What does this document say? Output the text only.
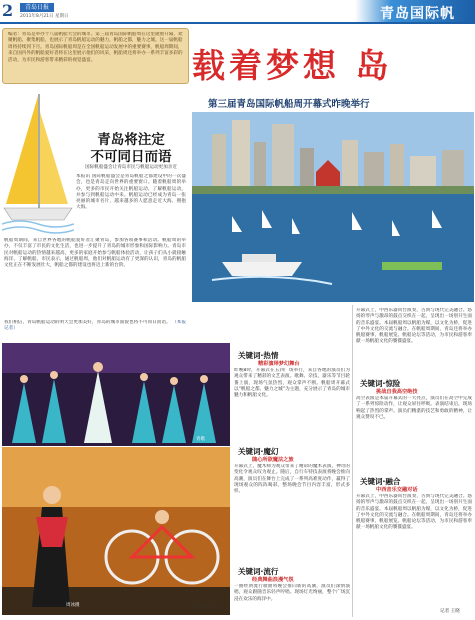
2	青岛日报
2011年8月21日 星期日	青岛国际帆
编者：青岛是举办十八届帆船大会的城市。第三届青岛国际帆船周在这里隆重开幕，欢聚帆船、聚集帆船，也展示了青岛帆船运动的魅力，帆船之都，魅力之城。这一届帆船周将持续到下月。青岛国际帆船周是在全国帆船运动发展中的重要赛事，帆船周期间，来自国内外的帆船爱好者将在这里展示他们的风采，帆船周还将举办一系列丰富多彩的活动，为市民和游客带来精彩的视觉盛宴。
青岛将注定
不可同日而语
国际帆船盛会让青岛市民与帆船运动更加亲近
本报讯 国际帆船盛会是青岛帆船之都建设中的一次盛会，也是青岛走向世界的重要窗口。随着帆船周的举办，更多的市民开始关注帆船运动、了解帆船运动，并参与到帆船运动中来。帆船运动已经成为青岛一张亮丽的城市名片，越来越多的人愿意走近大海、拥抱大海。
帆船周期间，来自世界各地的帆船爱好者汇聚青岛，参加各项赛事和活动。帆船周的举办，不仅丰富了市民的文化生活，也进一步提升了青岛的城市形象和国际影响力。青岛市民对帆船运动的热情越来越高，更多的家庭开始参与帆船体验活动，让孩子们从小就接触海洋、了解帆船。市民表示，通过帆船周，他们对帆船运动有了更深的认识，青岛的帆船文化正在不断发展壮大，帆船之都的建设也将迈上新的台阶。
我们相信，青岛帆船运动的明天会更加美好，青岛的城市面貌也将不可同日而语。 （本报记者）
载着梦想 岛
第三届青岛国际帆船周开幕式昨晚举行
青歌
周冰摄	自行车王子
关键词·热情
精彩演绎梦幻舞台
昨晚8时，开幕式在五四广场举行，来自各地的演员们为观众带来了精彩的文艺表演。歌舞、杂技、器乐等节目轮番上演，现场气氛热烈，观众掌声不断。帆船周开幕式以“帆船之都，魅力之城”为主题，充分展示了青岛的城市魅力和帆船文化。
关键词·魔幻
随心所欲魔法之旅
开幕式上，魔术师为观众带来了精彩的魔术表演，神奇的变化令观众叹为观止。随后，自行车特技表演将晚会推向高潮，演员们在舞台上完成了一系列高难度动作，赢得了现场观众的阵阵喝彩。整场晚会节目内容丰富，形式多样。
关键词·流行
经典舞曲浪漫气氛
一曲经典流行歌曲将晚会推向新的高潮，演员们深情演唱，观众跟随音乐轻声哼唱。现场灯光绚丽，整个广场沉浸在欢乐的海洋中。
开幕式上，中西乐器同台演奏，古典与现代完美融合。悠扬的琴声与激昂的鼓点交织在一起，呈现出一场别开生面的音乐盛宴。本届帆船周以帆船为媒，以文化为桥，促进了中外文化的交流与融合。在帆船周期间，青岛还将举办帆船赛事、帆船展览、帆船论坛等活动，为市民和游客奉献一场帆船文化的饕餮盛宴。
关键词·惊险
挑战自我高空绝技
高空表演是本届开幕式的一大亮点，演员们在高空中完成了一系列惊险动作，让观众屏住呼吸。表演结束后，现场响起了热烈的掌声。演员们精湛的技艺和勇敢的精神，让观众赞叹不已。
关键词·融合
中西音乐交融对话
开幕式上，中西乐器同台演奏，古典与现代完美融合。悠扬的琴声与激昂的鼓点交织在一起，呈现出一场别开生面的音乐盛宴。本届帆船周以帆船为媒，以文化为桥，促进了中外文化的交流与融合。在帆船周期间，青岛还将举办帆船赛事、帆船展览、帆船论坛等活动，为市民和游客奉献一场帆船文化的饕餮盛宴。
记者 王晓
